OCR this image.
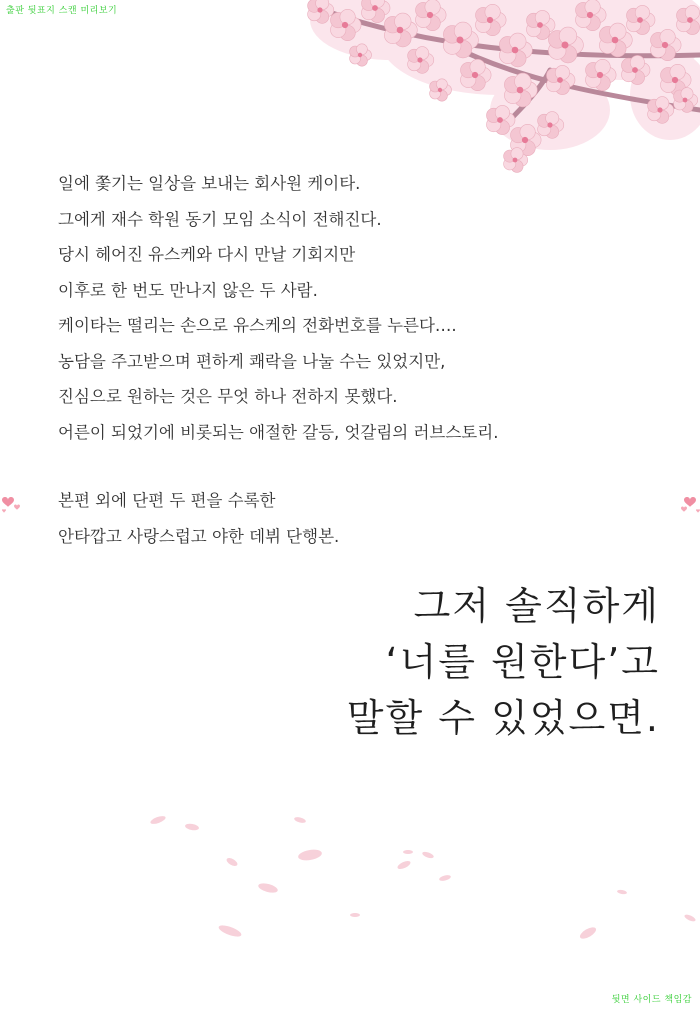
출판 뒷표지 스캔 미리보기
일에 쫓기는 일상을 보내는 회사원 케이타.
그에게 재수 학원 동기 모임 소식이 전해진다.
당시 헤어진 유스케와 다시 만날 기회지만
이후로 한 번도 만나지 않은 두 사람.
케이타는 떨리는 손으로 유스케의 전화번호를 누른다….
농담을 주고받으며 편하게 쾌락을 나눌 수는 있었지만,
진심으로 원하는 것은 무엇 하나 전하지 못했다.
어른이 되었기에 비롯되는 애절한 갈등, 엇갈림의 러브스토리.
본편 외에 단편 두 편을 수록한
안타깝고 사랑스럽고 야한 데뷔 단행본.
그저 솔직하게
‘너를 원한다’고
말할 수 있었으면.
뒷면 사이드 책임감
